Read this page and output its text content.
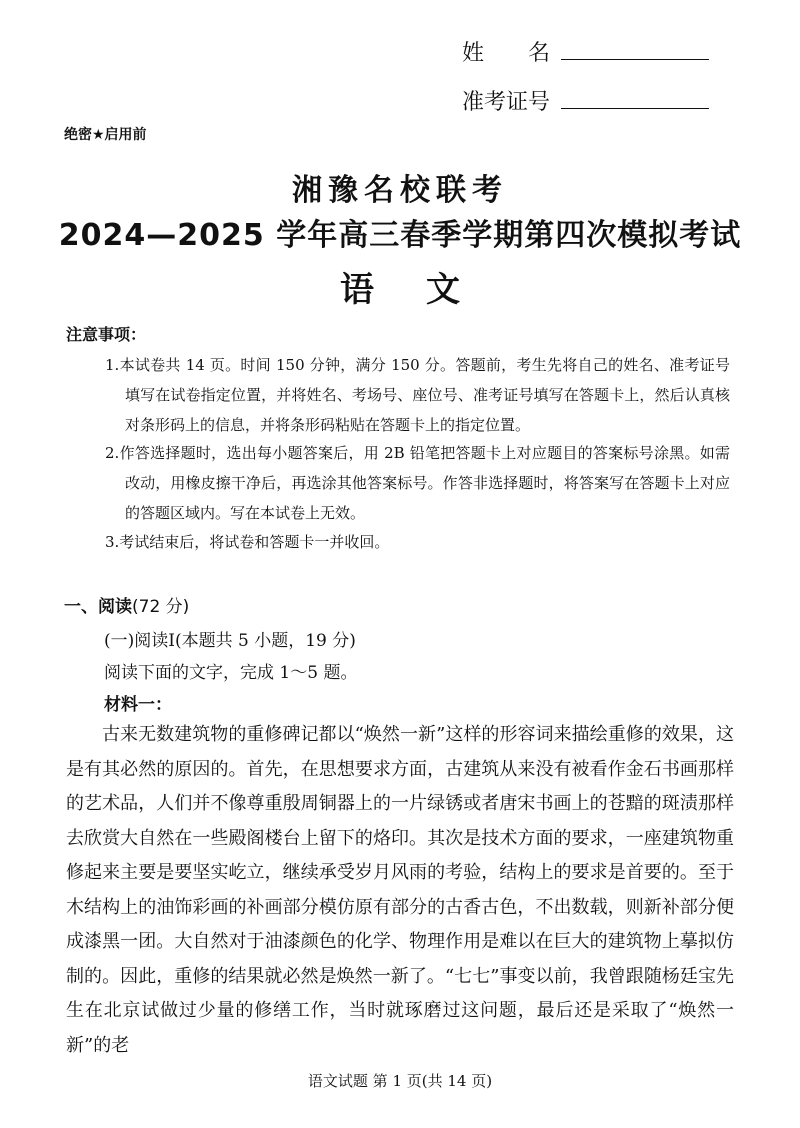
姓　　名
准考证号
绝密★启用前
湘豫名校联考
2024—2025 学年高三春季学期第四次模拟考试
语文
注意事项：
1.本试卷共 14 页。时间 150 分钟，满分 150 分。答题前，考生先将自己的姓名、准考证号填写在试卷指定位置，并将姓名、考场号、座位号、准考证号填写在答题卡上，然后认真核对条形码上的信息，并将条形码粘贴在答题卡上的指定位置。
2.作答选择题时，选出每小题答案后，用 2B 铅笔把答题卡上对应题目的答案标号涂黑。如需改动，用橡皮擦干净后，再选涂其他答案标号。作答非选择题时，将答案写在答题卡上对应的答题区域内。写在本试卷上无效。
3.考试结束后，将试卷和答题卡一并收回。
一、阅读(72 分)
(一)阅读Ⅰ(本题共 5 小题，19 分)
阅读下面的文字，完成 1～5 题。
材料一：

古来无数建筑物的重修碑记都以“焕然一新”这样的形容词来描绘重修的效果，这是有其必然的原因的。首先，在思想要求方面，古建筑从来没有被看作金石书画那样的艺术品，人们并不像尊重殷周铜器上的一片绿锈或者唐宋书画上的苍黯的斑渍那样去欣赏大自然在一些殿阁楼台上留下的烙印。其次是技术方面的要求，一座建筑物重修起来主要是要坚实屹立，继续承受岁月风雨的考验，结构上的要求是首要的。至于木结构上的油饰彩画的补画部分模仿原有部分的古香古色，不出数载，则新补部分便成漆黑一团。大自然对于油漆颜色的化学、物理作用是难以在巨大的建筑物上摹拟仿制的。因此，重修的结果就必然是焕然一新了。“七七”事变以前，我曾跟随杨廷宝先生在北京试做过少量的修缮工作，当时就琢磨过这问题，最后还是采取了“焕然一新”的老

语文试题 第 1 页(共 14 页)
